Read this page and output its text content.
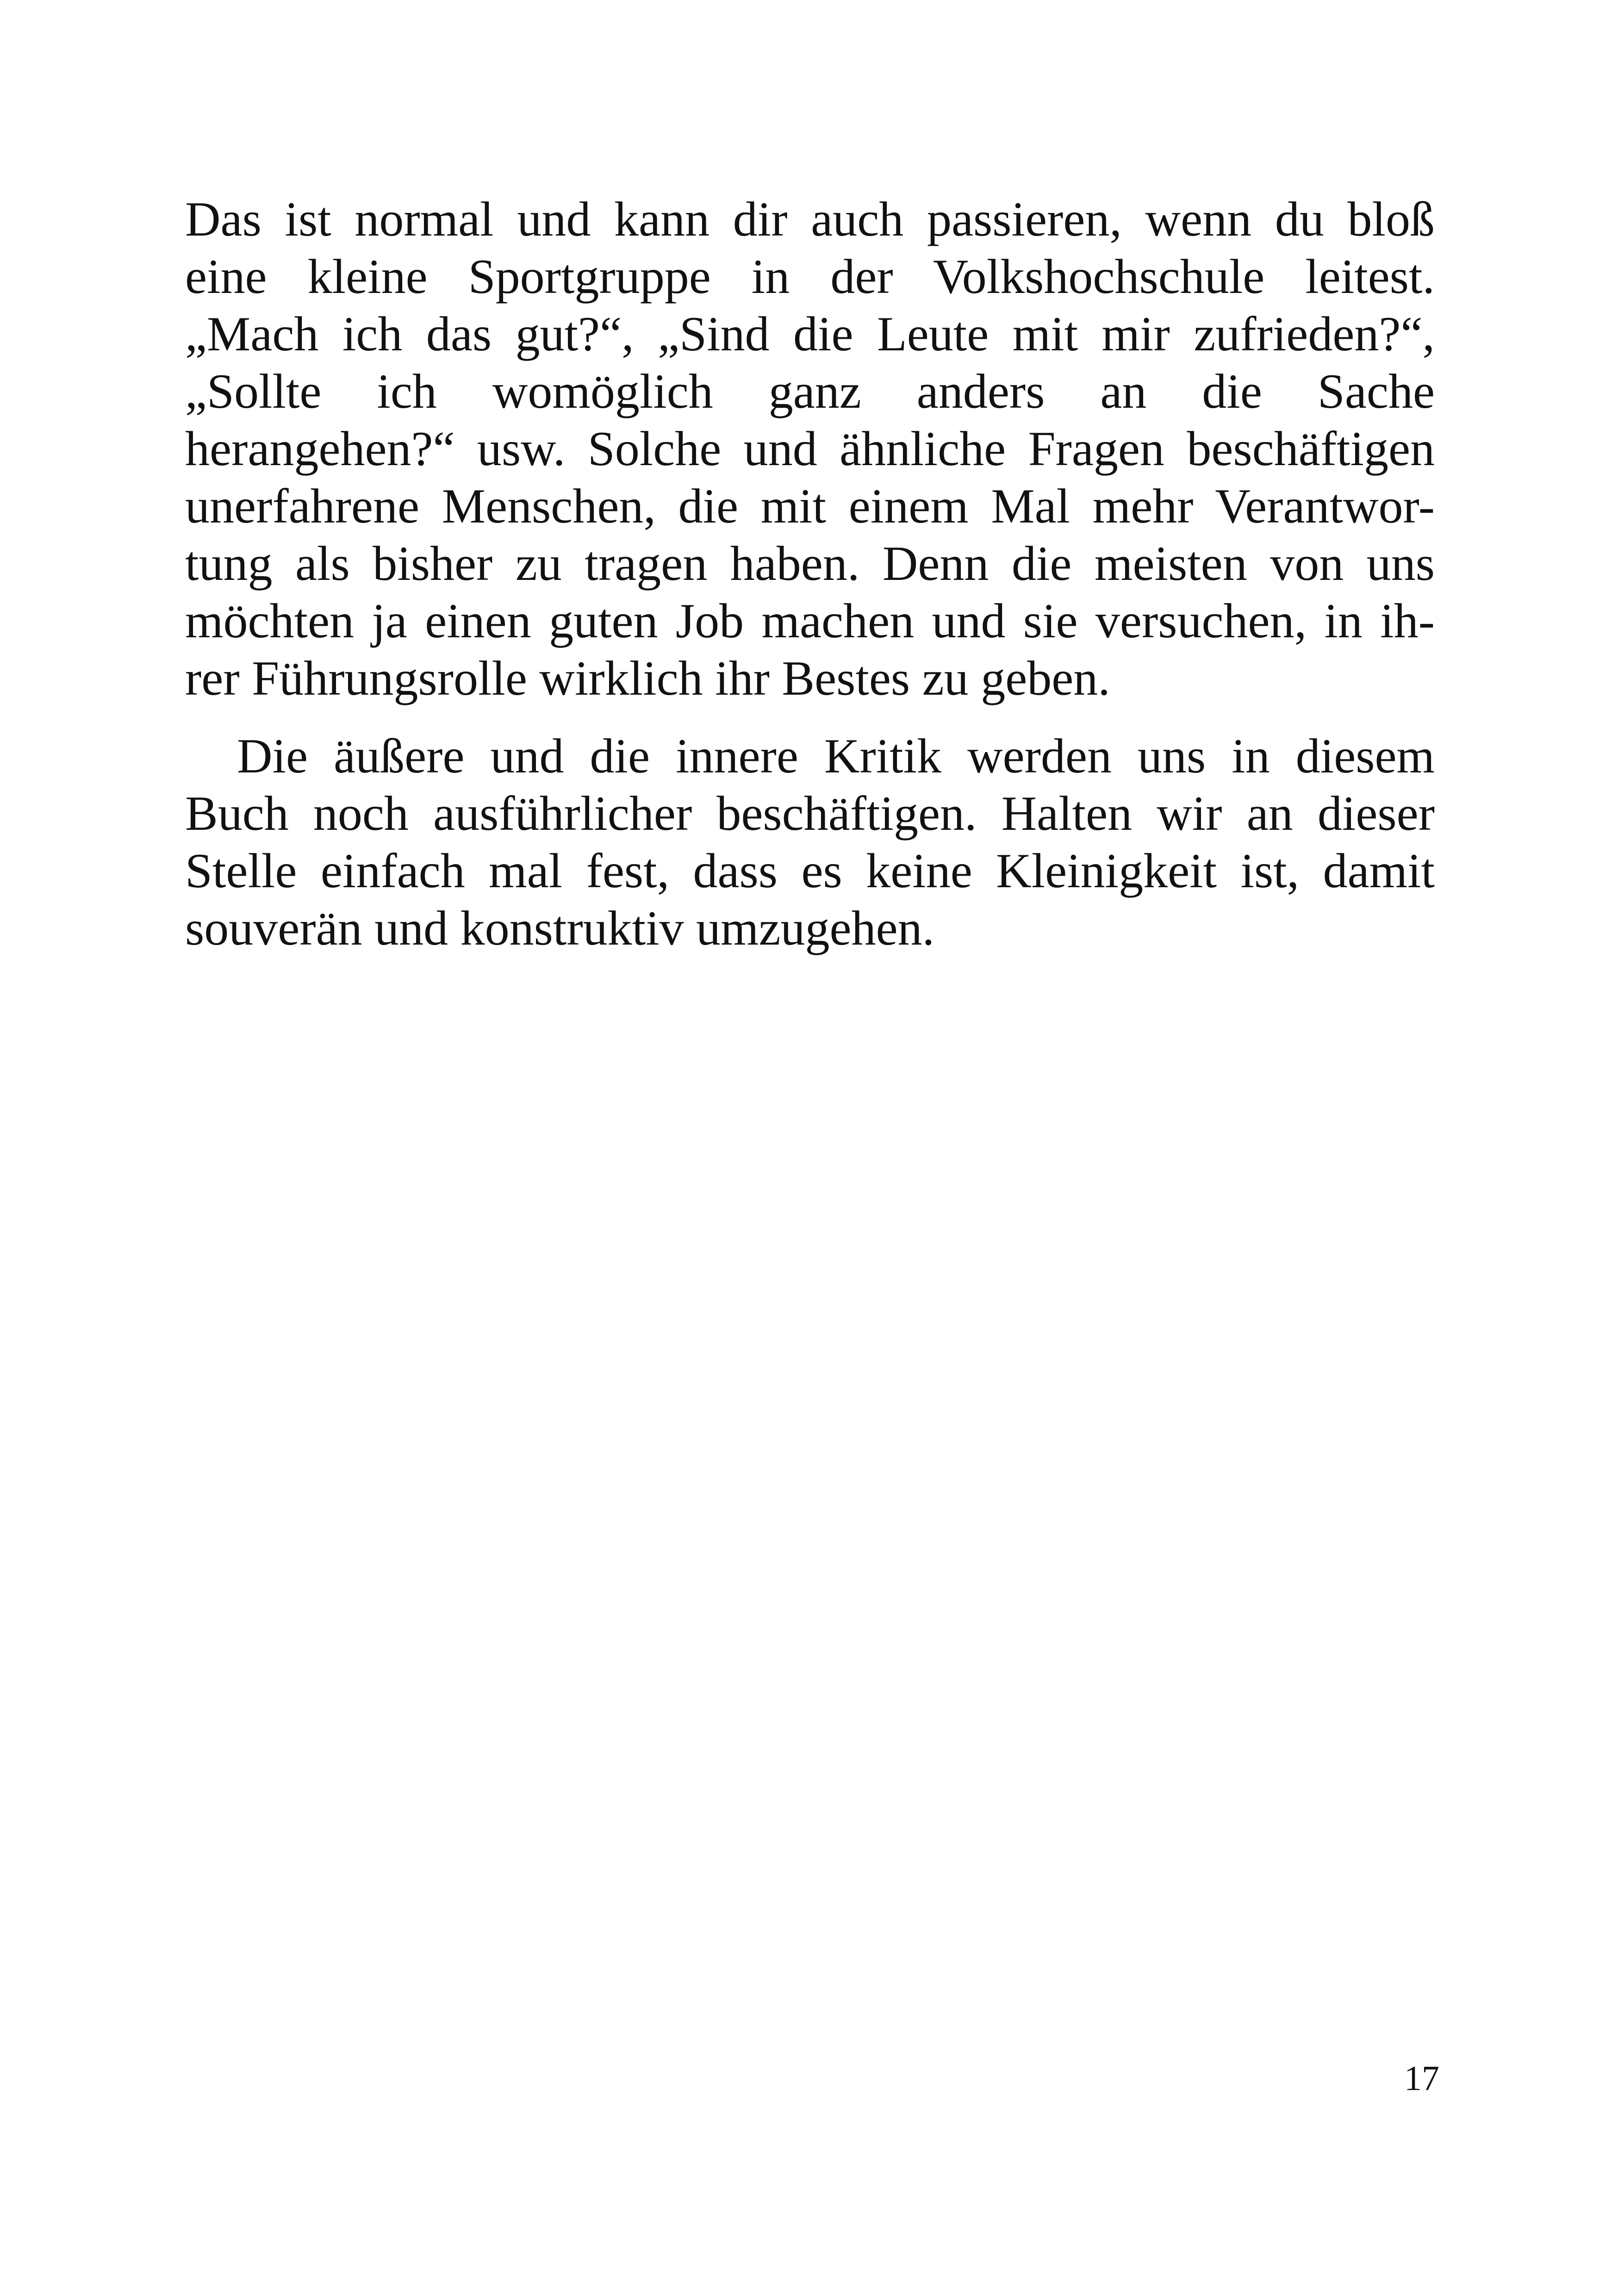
Das ist normal und kann dir auch passieren, wenn du bloß
eine kleine Sportgruppe in der Volkshochschule leitest.
„Mach ich das gut?“, „Sind die Leute mit mir zufrieden?“,
„Sollte ich womöglich ganz anders an die Sache
herangehen?“ usw. Solche und ähnliche Fragen beschäftigen
unerfahrene Menschen, die mit einem Mal mehr Verantwor-
tung als bisher zu tragen haben. Denn die meisten von uns
möchten ja einen guten Job machen und sie versuchen, in ih-
rer Führungsrolle wirklich ihr Bestes zu geben.
Die äußere und die innere Kritik werden uns in diesem
Buch noch ausführlicher beschäftigen. Halten wir an dieser
Stelle einfach mal fest, dass es keine Kleinigkeit ist, damit
souverän und konstruktiv umzugehen.
17
